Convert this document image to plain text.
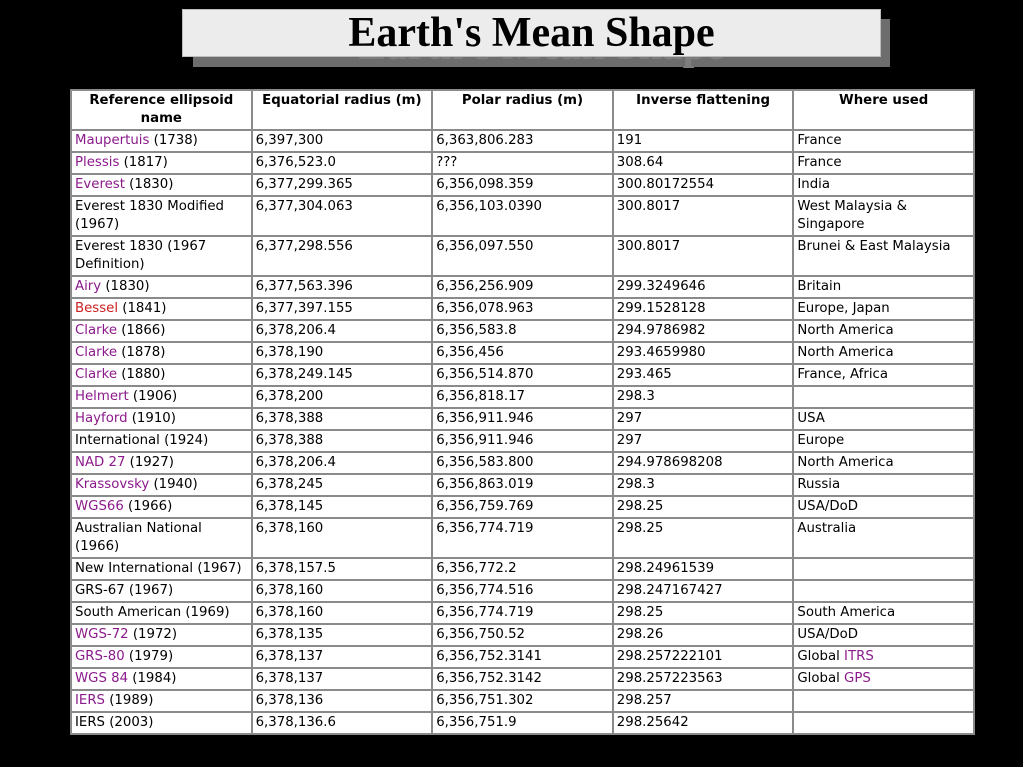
Earth's Mean Shape
Reference ellipsoid name	Equatorial radius (m)	Polar radius (m)	Inverse flattening	Where used
Maupertuis (1738)	6,397,300	6,363,806.283	191	France
Plessis (1817)	6,376,523.0	???	308.64	France
Everest (1830)	6,377,299.365	6,356,098.359	300.80172554	India
Everest 1830 Modified (1967)	6,377,304.063	6,356,103.0390	300.8017	West Malaysia & Singapore
Everest 1830 (1967 Definition)	6,377,298.556	6,356,097.550	300.8017	Brunei & East Malaysia
Airy (1830)	6,377,563.396	6,356,256.909	299.3249646	Britain
Bessel (1841)	6,377,397.155	6,356,078.963	299.1528128	Europe, Japan
Clarke (1866)	6,378,206.4	6,356,583.8	294.9786982	North America
Clarke (1878)	6,378,190	6,356,456	293.4659980	North America
Clarke (1880)	6,378,249.145	6,356,514.870	293.465	France, Africa
Helmert (1906)	6,378,200	6,356,818.17	298.3	
Hayford (1910)	6,378,388	6,356,911.946	297	USA
International (1924)	6,378,388	6,356,911.946	297	Europe
NAD 27 (1927)	6,378,206.4	6,356,583.800	294.978698208	North America
Krassovsky (1940)	6,378,245	6,356,863.019	298.3	Russia
WGS66 (1966)	6,378,145	6,356,759.769	298.25	USA/DoD
Australian National (1966)	6,378,160	6,356,774.719	298.25	Australia
New International (1967)	6,378,157.5	6,356,772.2	298.24961539	
GRS-67 (1967)	6,378,160	6,356,774.516	298.247167427	
South American (1969)	6,378,160	6,356,774.719	298.25	South America
WGS-72 (1972)	6,378,135	6,356,750.52	298.26	USA/DoD
GRS-80 (1979)	6,378,137	6,356,752.3141	298.257222101	Global ITRS
WGS 84 (1984)	6,378,137	6,356,752.3142	298.257223563	Global GPS
IERS (1989)	6,378,136	6,356,751.302	298.257	
IERS (2003)	6,378,136.6	6,356,751.9	298.25642	
